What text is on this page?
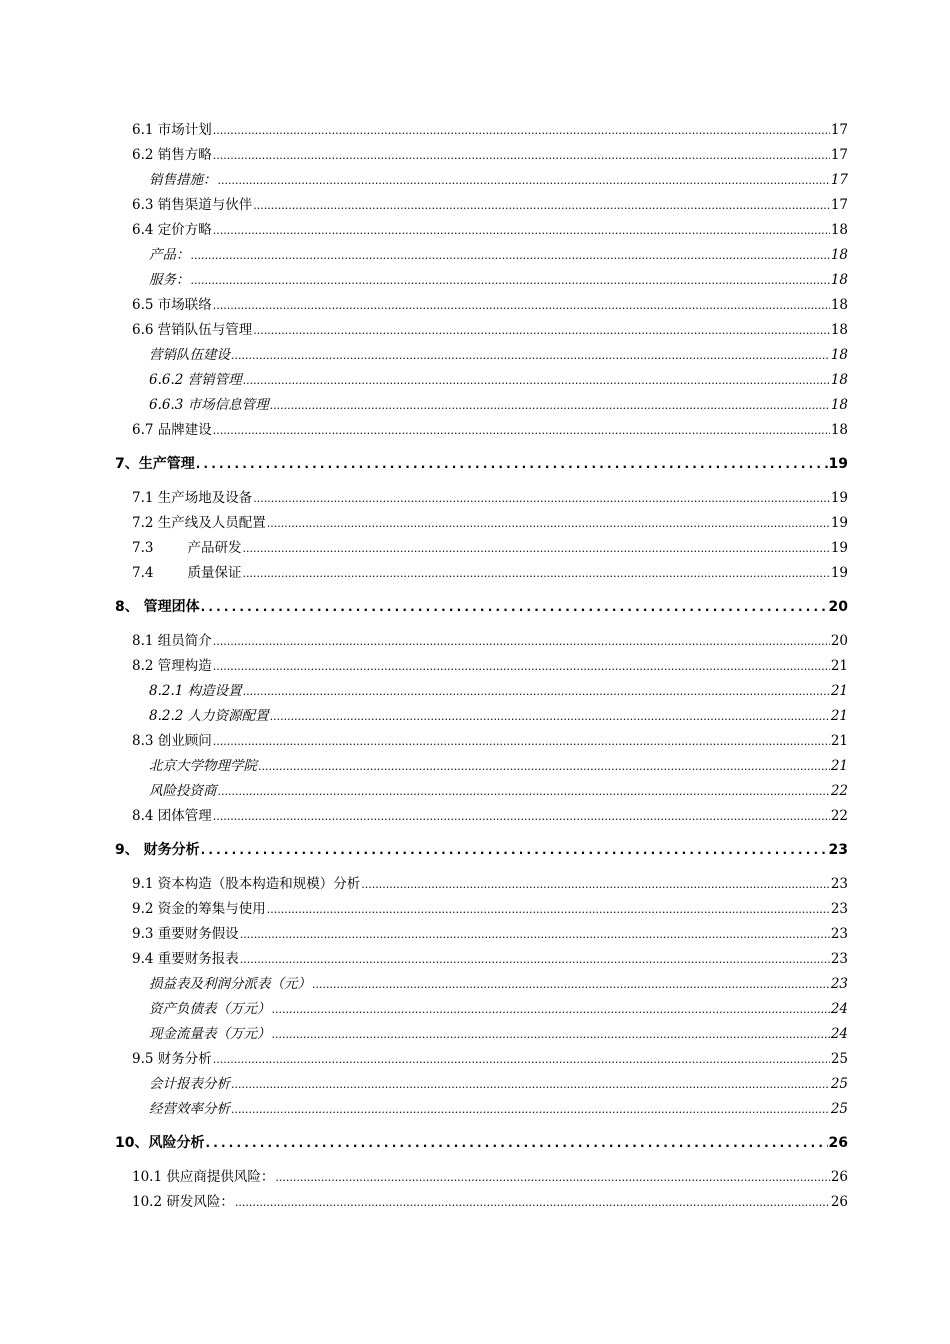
6.1 市场计划 .....	17
6.2 销售方略 .....	17
销售措施： .....	17
6.3 销售渠道与伙伴 .....	17
6.4 定价方略 .....	18
产品： .....	18
服务： .....	18
6.5 市场联络 .....	18
6.6 营销队伍与管理 .....	18
营销队伍建设 .....	18
6.6.2 营销管理 .....	18
6.6.3 市场信息管理 .....	18
6.7 品牌建设 .....	18
7、生产管理 .....	19
7.1 生产场地及设备 .....	19
7.2 生产线及人员配置 .....	19
7.3	产品研发 .....	19
7.4	质量保证 .....	19
8、 管理团体 .....	20
8.1 组员简介 .....	20
8.2 管理构造 .....	21
8.2.1 构造设置 .....	21
8.2.2 人力资源配置 .....	21
8.3 创业顾问 .....	21
北京大学物理学院 .....	21
风险投资商 .....	22
8.4 团体管理 .....	22
9、 财务分析 .....	23
9.1 资本构造（股本构造和规模）分析 .....	23
9.2 资金的筹集与使用 .....	23
9.3 重要财务假设 .....	23
9.4 重要财务报表 .....	23
损益表及利润分派表（元） .....	23
资产负债表（万元） .....	24
现金流量表（万元） .....	24
9.5 财务分析 .....	25
会计报表分析 .....	25
经营效率分析 .....	25
10、风险分析 .....	26
10.1 供应商提供风险： .....	26
10.2 研发风险： .....	26
